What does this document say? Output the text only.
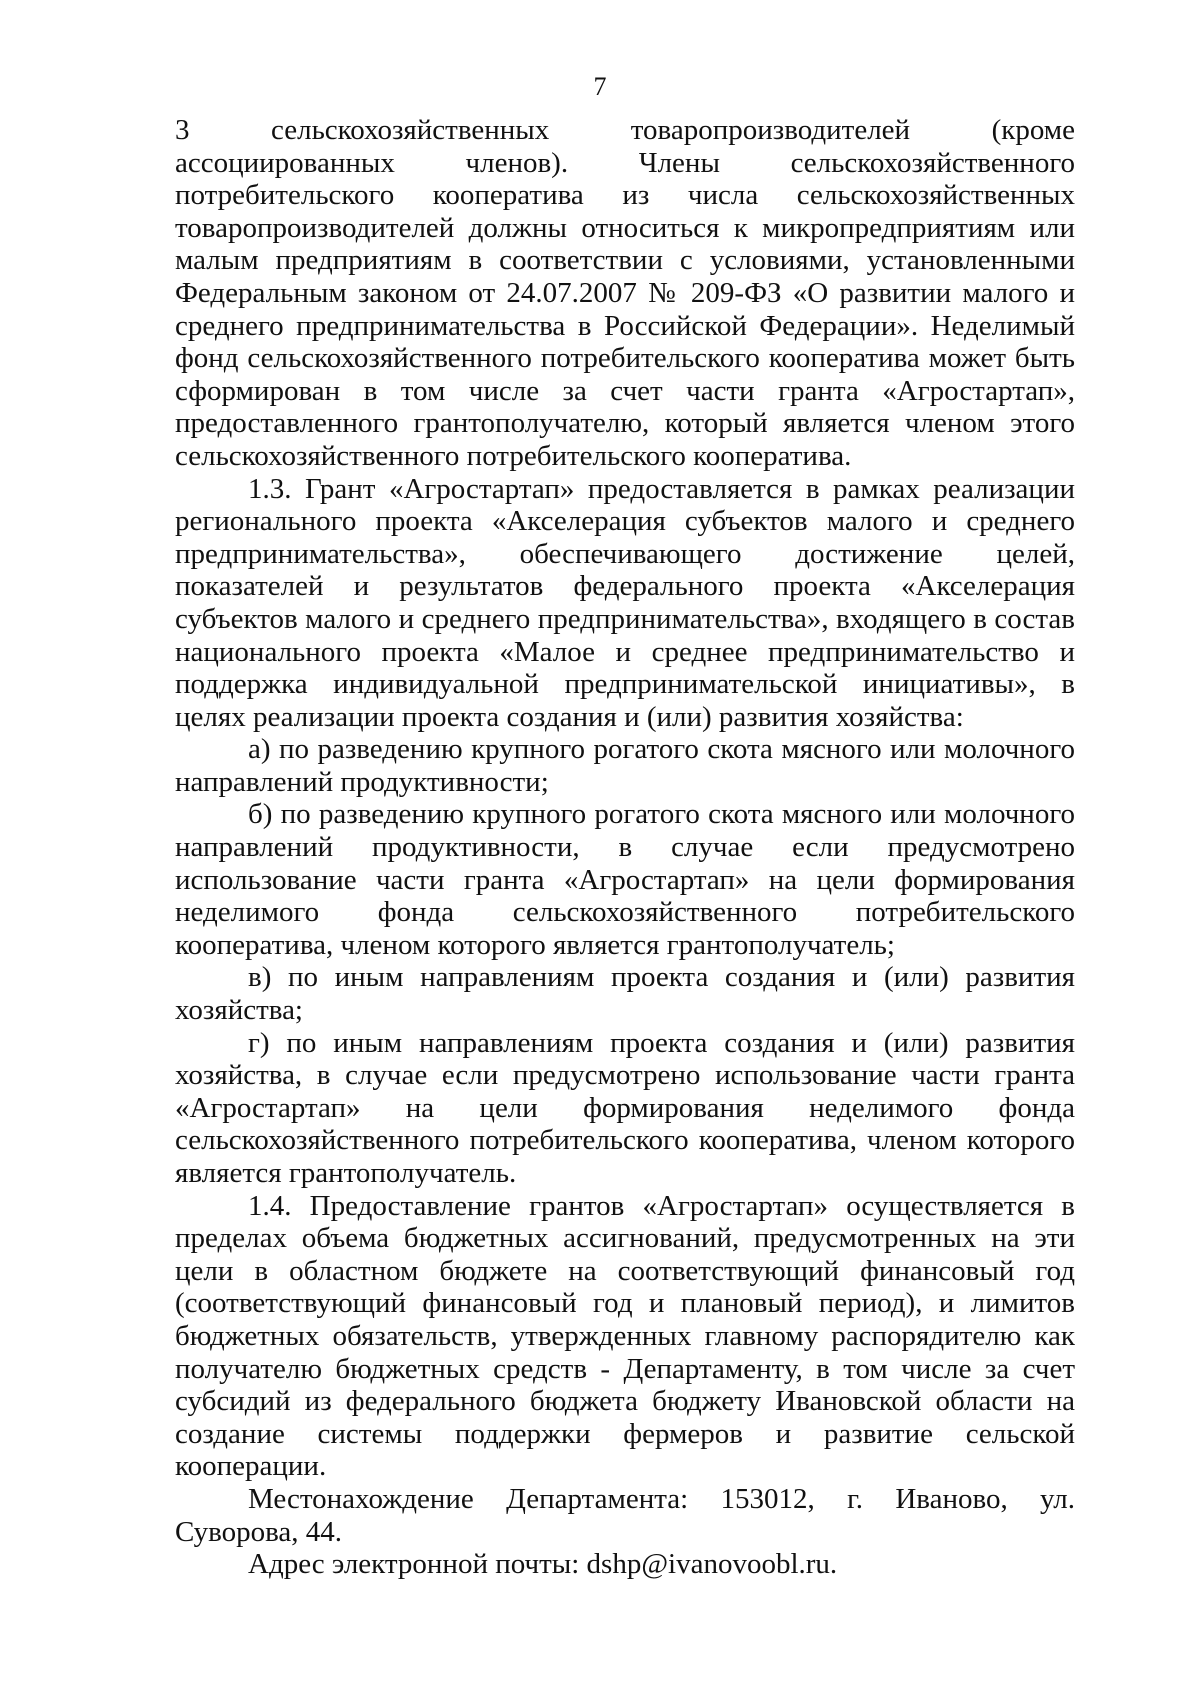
7

3 сельскохозяйственных товаропроизводителей (кроме ассоциированных членов). Члены сельскохозяйственного потребительского кооператива из числа сельскохозяйственных товаропроизводителей должны относиться к микропредприятиям или малым предприятиям в соответствии с условиями, установленными Федеральным законом от 24.07.2007 № 209-ФЗ «О развитии малого и среднего предпринимательства в Российской Федерации». Неделимый фонд сельскохозяйственного потребительского кооператива может быть сформирован в том числе за счет части гранта «Агростартап», предоставленного грантополучателю, который является членом этого сельскохозяйственного потребительского кооператива.

1.3. Грант «Агростартап» предоставляется в рамках реализации регионального проекта «Акселерация субъектов малого и среднего предпринимательства», обеспечивающего достижение целей, показателей и результатов федерального проекта «Акселерация субъектов малого и среднего предпринимательства», входящего в состав национального проекта «Малое и среднее предпринимательство и поддержка индивидуальной предпринимательской инициативы», в целях реализации проекта создания и (или) развития хозяйства:

а) по разведению крупного рогатого скота мясного или молочного направлений продуктивности;

б) по разведению крупного рогатого скота мясного или молочного направлений продуктивности, в случае если предусмотрено использование части гранта «Агростартап» на цели формирования неделимого фонда сельскохозяйственного потребительского кооператива, членом которого является грантополучатель;

в) по иным направлениям проекта создания и (или) развития хозяйства;

г) по иным направлениям проекта создания и (или) развития хозяйства, в случае если предусмотрено использование части гранта «Агростартап» на цели формирования неделимого фонда сельскохозяйственного потребительского кооператива, членом которого является грантополучатель.

1.4. Предоставление грантов «Агростартап» осуществляется в пределах объема бюджетных ассигнований, предусмотренных на эти цели в областном бюджете на соответствующий финансовый год (соответствующий финансовый год и плановый период), и лимитов бюджетных обязательств, утвержденных главному распорядителю как получателю бюджетных средств - Департаменту, в том числе за счет субсидий из федерального бюджета бюджету Ивановской области на создание системы поддержки фермеров и развитие сельской кооперации.

Местонахождение Департамента: 153012, г. Иваново, ул. Суворова, 44.

Адрес электронной почты: dshp@ivanovoobl.ru.
